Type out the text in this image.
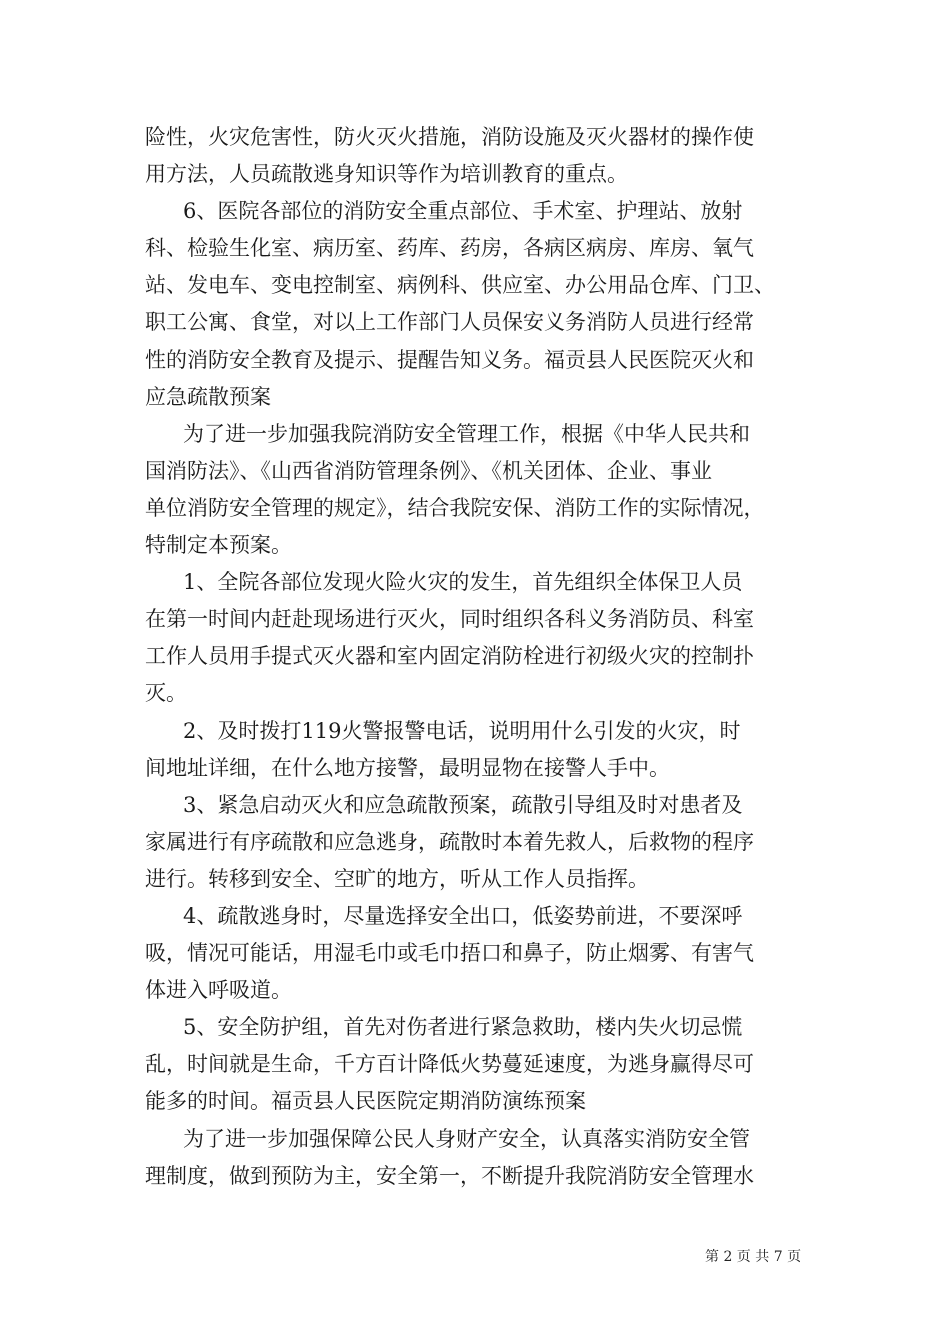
险性，火灾危害性，防火灭火措施，消防设施及灭火器材的操作使
用方法，人员疏散逃身知识等作为培训教育的重点。
6、医院各部位的消防安全重点部位、手术室、护理站、放射
科、检验生化室、病历室、药库、药房，各病区病房、库房、氧气
站、发电车、变电控制室、病例科、供应室、办公用品仓库、门卫、
职工公寓、食堂，对以上工作部门人员保安义务消防人员进行经常
性的消防安全教育及提示、提醒告知义务。福贡县人民医院灭火和
应急疏散预案
为了进一步加强我院消防安全管理工作，根据《中华人民共和
国消防法》、《山西省消防管理条例》、《机关团体、企业、事业
单位消防安全管理的规定》，结合我院安保、消防工作的实际情况，
特制定本预案。
1、全院各部位发现火险火灾的发生，首先组织全体保卫人员
在第一时间内赶赴现场进行灭火，同时组织各科义务消防员、科室
工作人员用手提式灭火器和室内固定消防栓进行初级火灾的控制扑
灭。
2、及时拨打119火警报警电话，说明用什么引发的火灾，时
间地址详细，在什么地方接警，最明显物在接警人手中。
3、紧急启动灭火和应急疏散预案，疏散引导组及时对患者及
家属进行有序疏散和应急逃身，疏散时本着先救人，后救物的程序
进行。转移到安全、空旷的地方，听从工作人员指挥。
4、疏散逃身时，尽量选择安全出口，低姿势前进，不要深呼
吸，情况可能话，用湿毛巾或毛巾捂口和鼻子，防止烟雾、有害气
体进入呼吸道。
5、安全防护组，首先对伤者进行紧急救助，楼内失火切忌慌
乱，时间就是生命，千方百计降低火势蔓延速度，为逃身赢得尽可
能多的时间。福贡县人民医院定期消防演练预案
为了进一步加强保障公民人身财产安全，认真落实消防安全管
理制度，做到预防为主，安全第一，不断提升我院消防安全管理水
第 2 页 共 7 页
